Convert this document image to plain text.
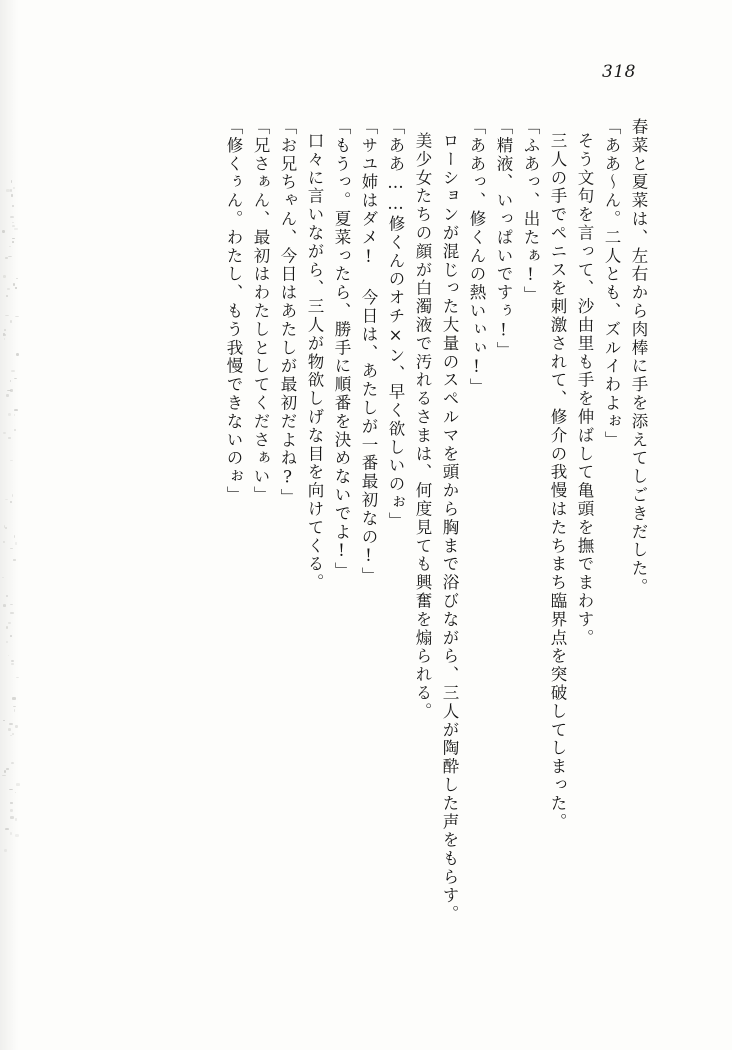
318
春菜と夏菜は、左右から肉棒に手を添えてしごきだした。
「ああ～ん。二人とも、ズルイわよぉ」
そう文句を言って、沙由里も手を伸ばして亀頭を撫でまわす。
三人の手でペニスを刺激されて、修介の我慢はたちまち臨界点を突破してしまった。
「ふあっ、出たぁ!」
「精液、いっぱいですぅ!」
「ああっ、修くんの熱いぃぃ!」
ローションが混じった大量のスペルマを頭から胸まで浴びながら、三人が陶酔した声をもらす。
美少女たちの顔が白濁液で汚れるさまは、何度見ても興奮を煽られる。
「ああ……修くんのオチ×ン、早く欲しいのぉ」
「サユ姉はダメ! 今日は、あたしが一番最初なの!」
「もうっ。夏菜ったら、勝手に順番を決めないでよ!」
口々に言いながら、三人が物欲しげな目を向けてくる。
「お兄ちゃん、今日はあたしが最初だよね?」
「兄さぁん、最初はわたしとしてくださぁい」
「修くぅん。わたし、もう我慢できないのぉ」
